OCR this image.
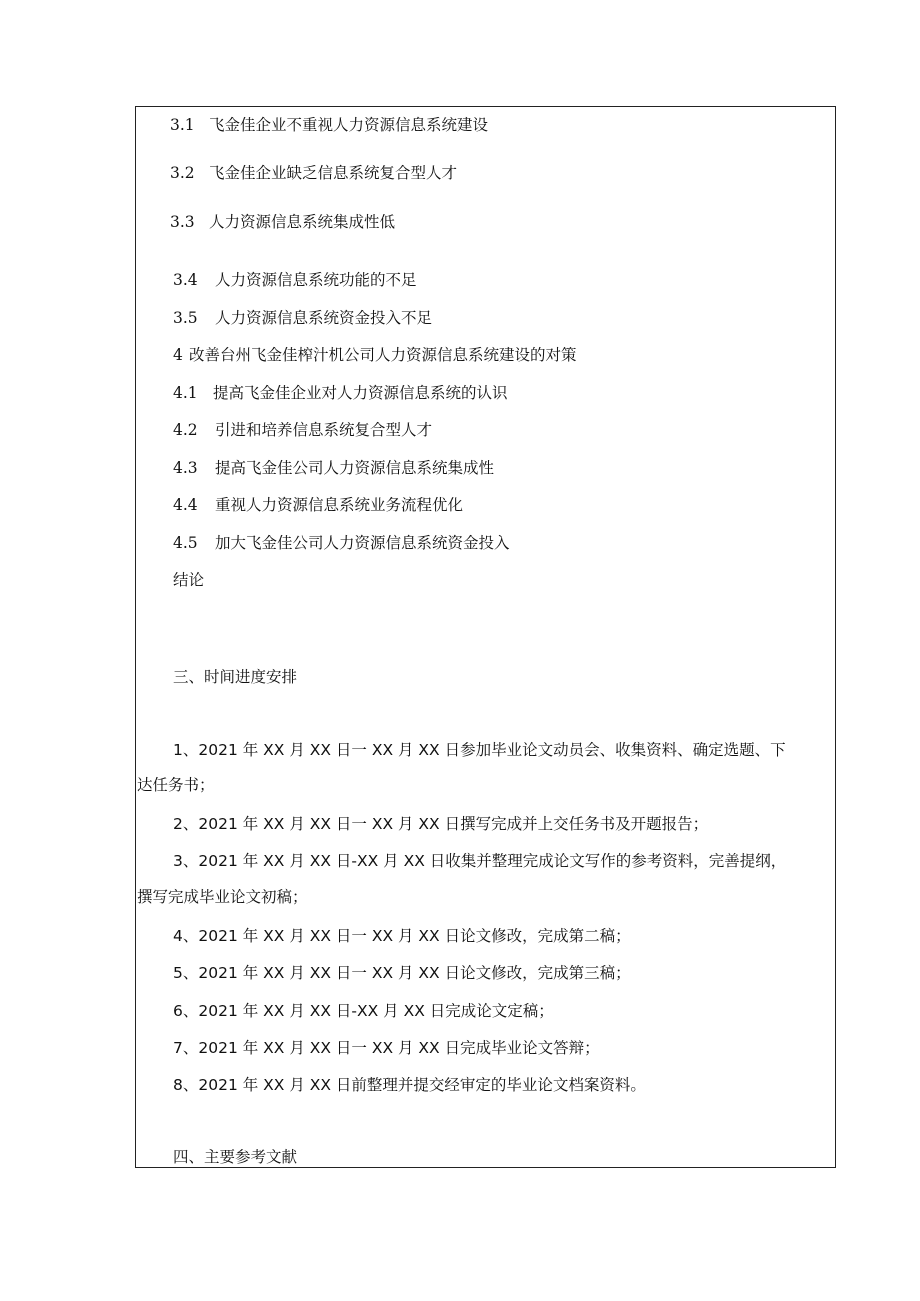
3.1 飞金佳企业不重视人力资源信息系统建设
3.2 飞金佳企业缺乏信息系统复合型人才
3.3 人力资源信息系统集成性低
3.4 人力资源信息系统功能的不足
3.5 人力资源信息系统资金投入不足
4 改善台州飞金佳榨汁机公司人力资源信息系统建设的对策
4.1 提高飞金佳企业对人力资源信息系统的认识
4.2 引进和培养信息系统复合型人才
4.3 提高飞金佳公司人力资源信息系统集成性
4.4 重视人力资源信息系统业务流程优化
4.5 加大飞金佳公司人力资源信息系统资金投入
结论
三、时间进度安排
1、2021 年 XX 月 XX 日一 XX 月 XX 日参加毕业论文动员会、收集资料、确定选题、下
达任务书；
2、2021 年 XX 月 XX 日一 XX 月 XX 日撰写完成并上交任务书及开题报告；
3、2021 年 XX 月 XX 日-XX 月 XX 日收集并整理完成论文写作的参考资料，完善提纲，
撰写完成毕业论文初稿；
4、2021 年 XX 月 XX 日一 XX 月 XX 日论文修改，完成第二稿；
5、2021 年 XX 月 XX 日一 XX 月 XX 日论文修改，完成第三稿；
6、2021 年 XX 月 XX 日-XX 月 XX 日完成论文定稿；
7、2021 年 XX 月 XX 日一 XX 月 XX 日完成毕业论文答辩；
8、2021 年 XX 月 XX 日前整理并提交经审定的毕业论文档案资料。
四、主要参考文献
